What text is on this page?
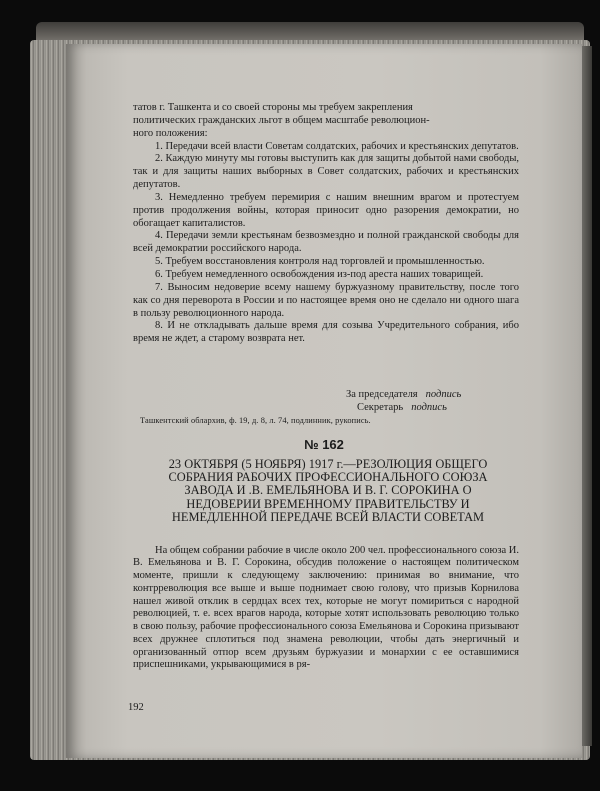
татов г. Ташкента и со своей стороны мы требуем закрепления

политических гражданских льгот в общем масштабе революцион-

ного положения:

1. Передачи всей власти Советам солдатских, рабочих и крестьянских депутатов.

2. Каждую минуту мы готовы выступить как для защиты добытой нами свободы, так и для защиты наших выборных в Совет солдатских, рабочих и крестьянских депутатов.

3. Немедленно требуем перемирия с нашим внешним врагом и протестуем против продолжения войны, которая приносит одно разорения демократии, но обогащает капиталистов.

4. Передачи земли крестьянам безвозмездно и полной гражданской свободы для всей демократии российского народа.

5. Требуем восстановления контроля над торговлей и промышленностью.

6. Требуем немедленного освобождения из-под ареста наших товарищей.

7. Выносим недоверие всему нашему буржуазному правительству, после того как со дня переворота в России и по настоящее время оно не сделало ни одного шага в пользу революционного народа.

8. И не откладывать дальше время для созыва Учредительного собрания, ибо время не ждет, а старому возврата нет.

За председателя подпись
Секретарь подпись
Ташкентский облархив, ф. 19, д. 8, л. 74, подлинник, рукопись.
№ 162
23 ОКТЯБРЯ (5 НОЯБРЯ) 1917 г.—РЕЗОЛЮЦИЯ ОБЩЕГО
СОБРАНИЯ РАБОЧИХ ПРОФЕССИОНАЛЬНОГО СОЮЗА
ЗАВОДА И .В. ЕМЕЛЬЯНОВА И В. Г. СОРОКИНА О
НЕДОВЕРИИ ВРЕМЕННОМУ ПРАВИТЕЛЬСТВУ И
НЕМЕДЛЕННОЙ ПЕРЕДАЧЕ ВСЕЙ ВЛАСТИ СОВЕТАМ

На общем собрании рабочие в числе около 200 чел. профессионального союза И. В. Емельянова и В. Г. Сорокина, обсудив положение о настоящем политическом моменте, пришли к следующему заключению: принимая во внимание, что контрреволюция все выше и выше поднимает свою голову, что призыв Корнилова нашел живой отклик в сердцах всех тех, которые не могут помириться с народной революцией, т. е. всех врагов народа, которые хотят использовать революцию только в свою пользу, рабочие профессионального союза Емельянова и Сорокина призывают всех дружнее сплотиться под знамена революции, чтобы дать энергичный и организованный отпор всем друзьям буржуазии и монархии с ее оставшимися приспешниками, укрывающимися в ря-

192
